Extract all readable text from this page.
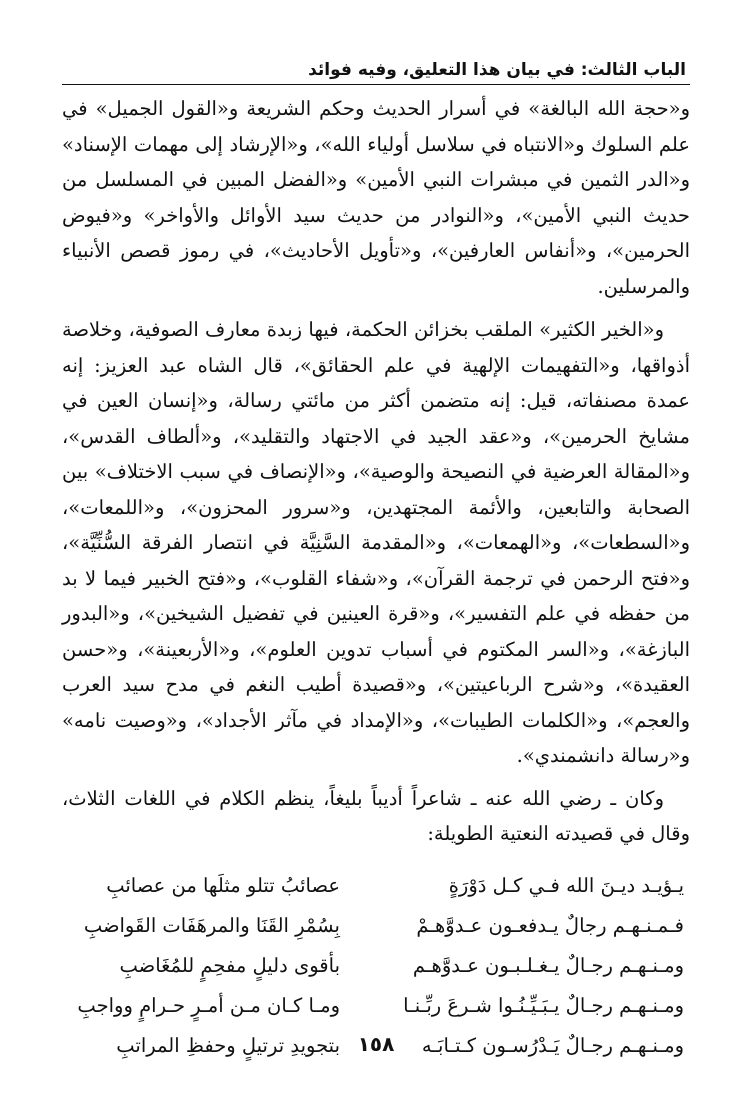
الباب الثالث: في بيان هذا التعليق، وفيه فوائد

و«حجة الله البالغة» في أسرار الحديث وحكم الشريعة و«القول الجميل» في علم السلوك و«الانتباه في سلاسل أولياء الله»، و«الإرشاد إلى مهمات الإسناد» و«الدر الثمين في مبشرات النبي الأمين» و«الفضل المبين في المسلسل من حديث النبي الأمين»، و«النوادر من حديث سيد الأوائل والأواخر» و«فيوض الحرمين»، و«أنفاس العارفين»، و«تأويل الأحاديث»، في رموز قصص الأنبياء والمرسلين.

و«الخير الكثير» الملقب بخزائن الحكمة، فيها زبدة معارف الصوفية، وخلاصة أذواقها، و«التفهيمات الإلهية في علم الحقائق»، قال الشاه عبد العزيز: إنه عمدة مصنفاته، قيل: إنه متضمن أكثر من مائتي رسالة، و«إنسان العين في مشايخ الحرمين»، و«عقد الجيد في الاجتهاد والتقليد»، و«ألطاف القدس»، و«المقالة العرضية في النصيحة والوصية»، و«الإنصاف في سبب الاختلاف» بين الصحابة والتابعين، والأئمة المجتهدين، و«سرور المحزون»، و«اللمعات»، و«السطعات»، و«الهمعات»، و«المقدمة السَّنِيَّة في انتصار الفرقة السُّنِّيَّة»، و«فتح الرحمن في ترجمة القرآن»، و«شفاء القلوب»، و«فتح الخبير فيما لا بد من حفظه في علم التفسير»، و«قرة العينين في تفضيل الشيخين»، و«البدور البازغة»، و«السر المكتوم في أسباب تدوين العلوم»، و«الأربعينة»، و«حسن العقيدة»، و«شرح الرباعيتين»، و«قصيدة أطيب النغم في مدح سيد العرب والعجم»، و«الكلمات الطيبات»، و«الإمداد في مآثر الأجداد»، و«وصيت نامه» و«رسالة دانشمندي».

وكان ـ رضي الله عنه ـ شاعراً أديباً بليغاً، ينظم الكلام في اللغات الثلاث، وقال في قصيدته النعتية الطويلة:

يـؤيـد ديـنَ الله فـي كـل دَوْرَةٍ
عصائبُ تتلو مثلَها من عصائبِ
فـمـنـهـم رجالٌ يـدفعـون عـدوَّهـمْ
بِسُمْرِ القَنَا والمرهَفَات القَواضبِ
ومـنـهـم رجـالٌ يـغـلـبـون عـدوَّهـم
بأقوى دليلٍ مفحِمٍ للمُغَاضبِ
ومـنـهـم رجـالٌ يـبَـيِّـنُـوا شـرعَ ربِّـنـا
ومـا كـان مـن أمـرٍ حـرامٍ وواجبِ
ومـنـهـم رجـالٌ يَـدْرُسـون كـتـابَـه
بتجويدِ ترتيلٍ وحفظِ المراتبِ ١٥٨
